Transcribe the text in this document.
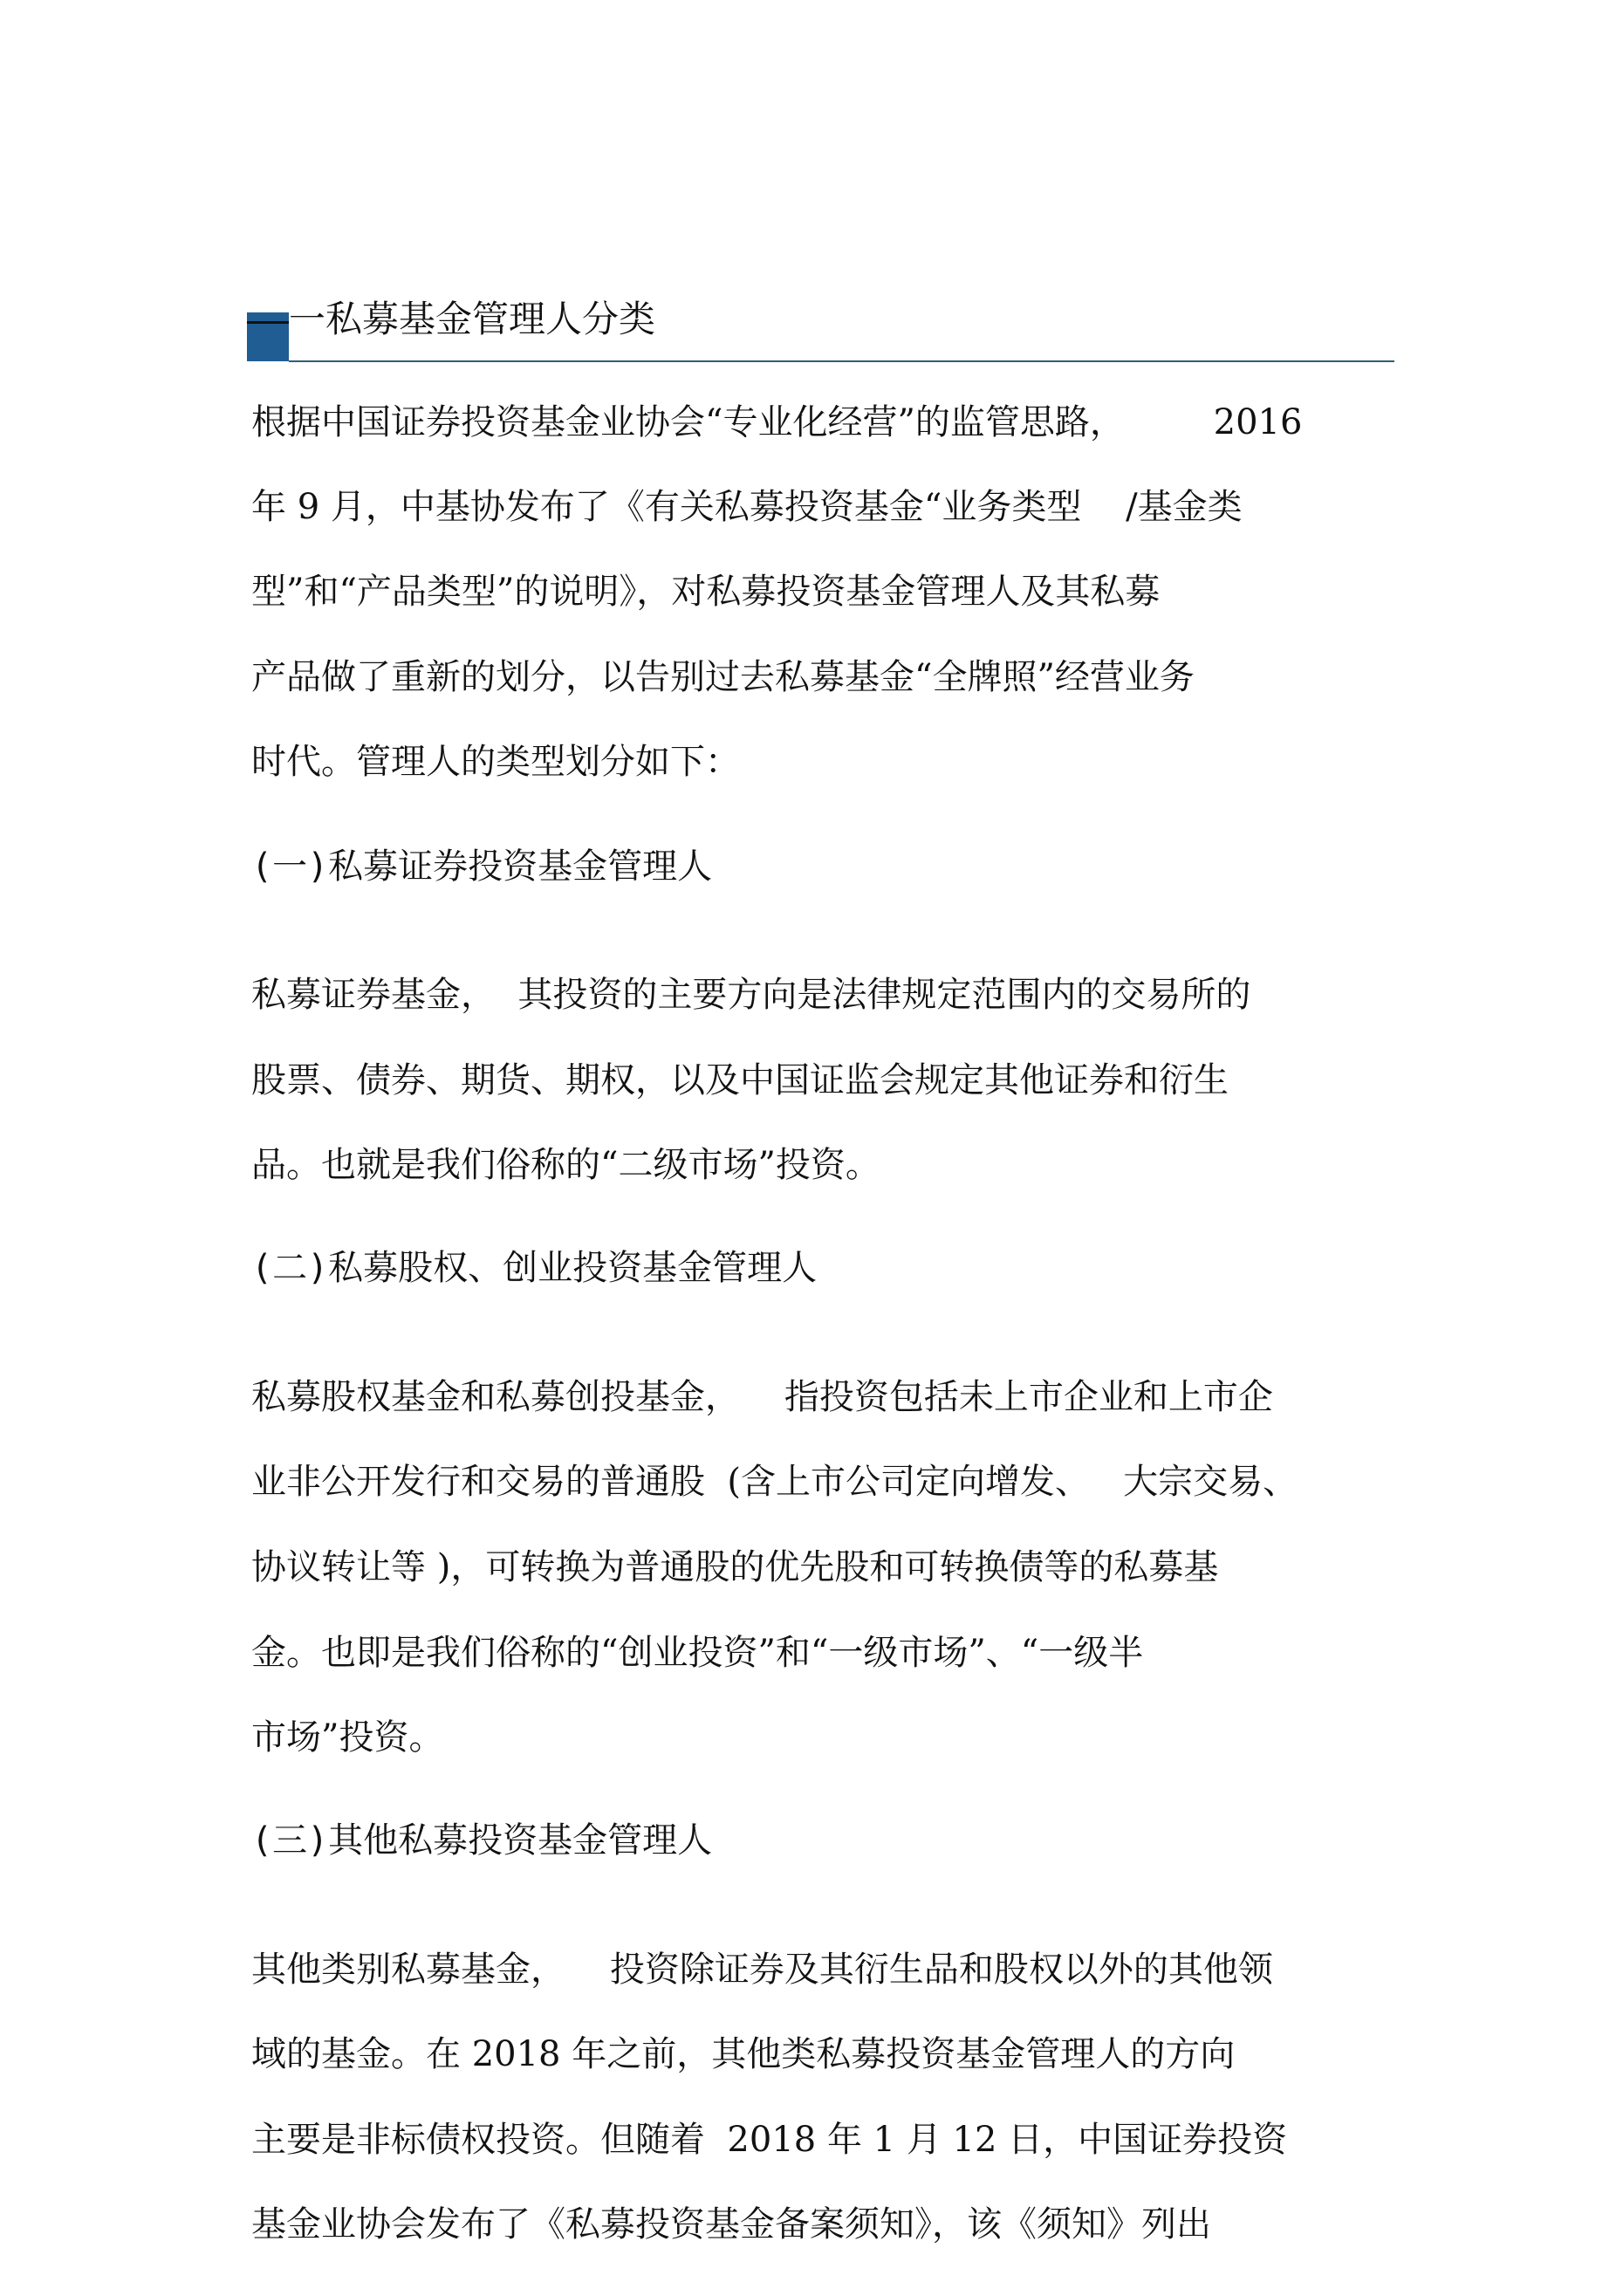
一私募基金管理人分类
根据中国证券投资基金业协会“专业化经营”的监管思路，        2016
年 9 月，中基协发布了《有关私募投资基金“业务类型    /基金类
型”和“产品类型”的说明》，对私募投资基金管理人及其私募
产品做了重新的划分，以告别过去私募基金“全牌照”经营业务
时代。管理人的类型划分如下：
(一)私募证券投资基金管理人
私募证券基金，  其投资的主要方向是法律规定范围内的交易所的
股票、债券、期货、期权，以及中国证监会规定其他证券和衍生
品。也就是我们俗称的“二级市场”投资。
(二)私募股权、创业投资基金管理人
私募股权基金和私募创投基金，    指投资包括未上市企业和上市企
业非公开发行和交易的普通股  (含上市公司定向增发、   大宗交易、
协议转让等 )，可转换为普通股的优先股和可转换债等的私募基
金。也即是我们俗称的“创业投资”和“一级市场”、“一级半
市场”投资。
(三)其他私募投资基金管理人
其他类别私募基金，    投资除证券及其衍生品和股权以外的其他领
域的基金。在 2018 年之前，其他类私募投资基金管理人的方向
主要是非标债权投资。但随着  2018 年 1 月 12 日，中国证券投资
基金业协会发布了《私募投资基金备案须知》，该《须知》列出
